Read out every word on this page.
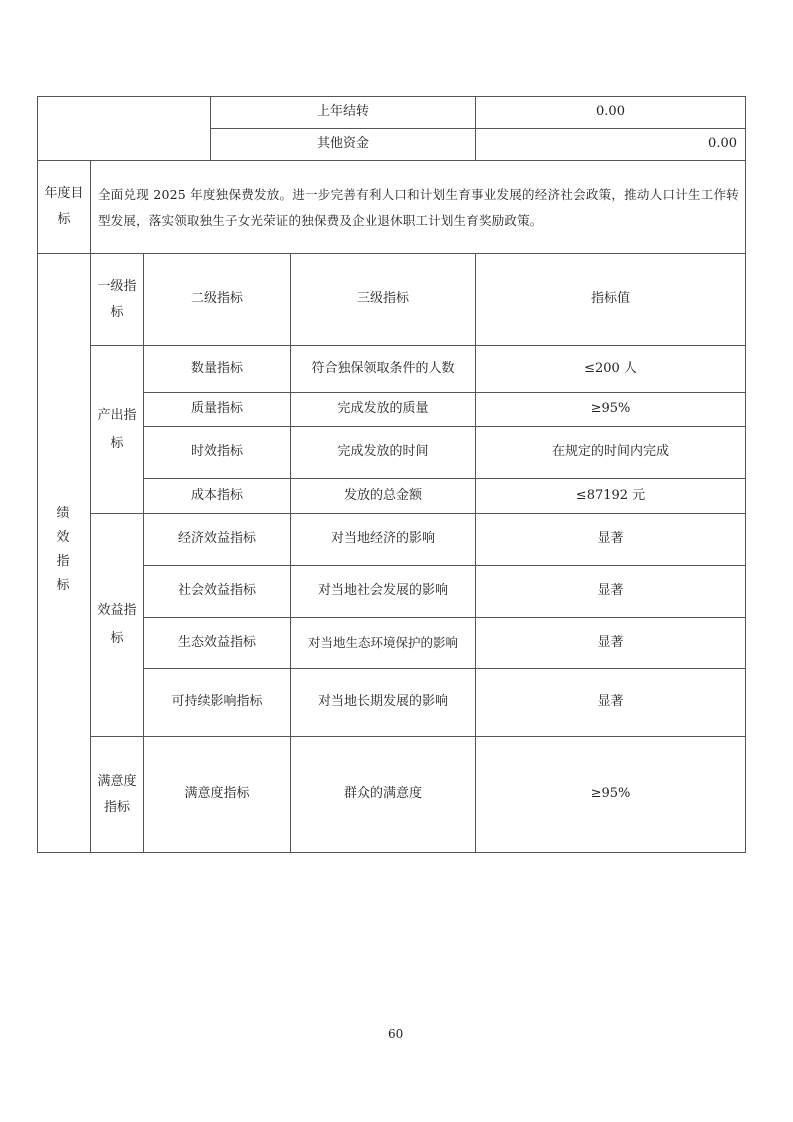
上年结转	0.00
其他资金	0.00
年度目标
全面兑现 2025 年度独保费发放。进一步完善有利人口和计划生育事业发展的经济社会政策，推动人口计生工作转型发展，落实领取独生子女光荣证的独保费及企业退休职工计划生育奖励政策。
绩效指标
一级指标
二级指标	三级指标	指标值
产出指标
数量指标	符合独保领取条件的人数	≤200 人
质量指标	完成发放的质量	≥95%
时效指标	完成发放的时间	在规定的时间内完成
成本指标	发放的总金额	≤87192 元
效益指标
经济效益指标	对当地经济的影响	显著
社会效益指标	对当地社会发展的影响	显著
生态效益指标	对当地生态环境保护的影响	显著
可持续影响指标	对当地长期发展的影响	显著
满意度指标
满意度指标	群众的满意度	≥95%
60
